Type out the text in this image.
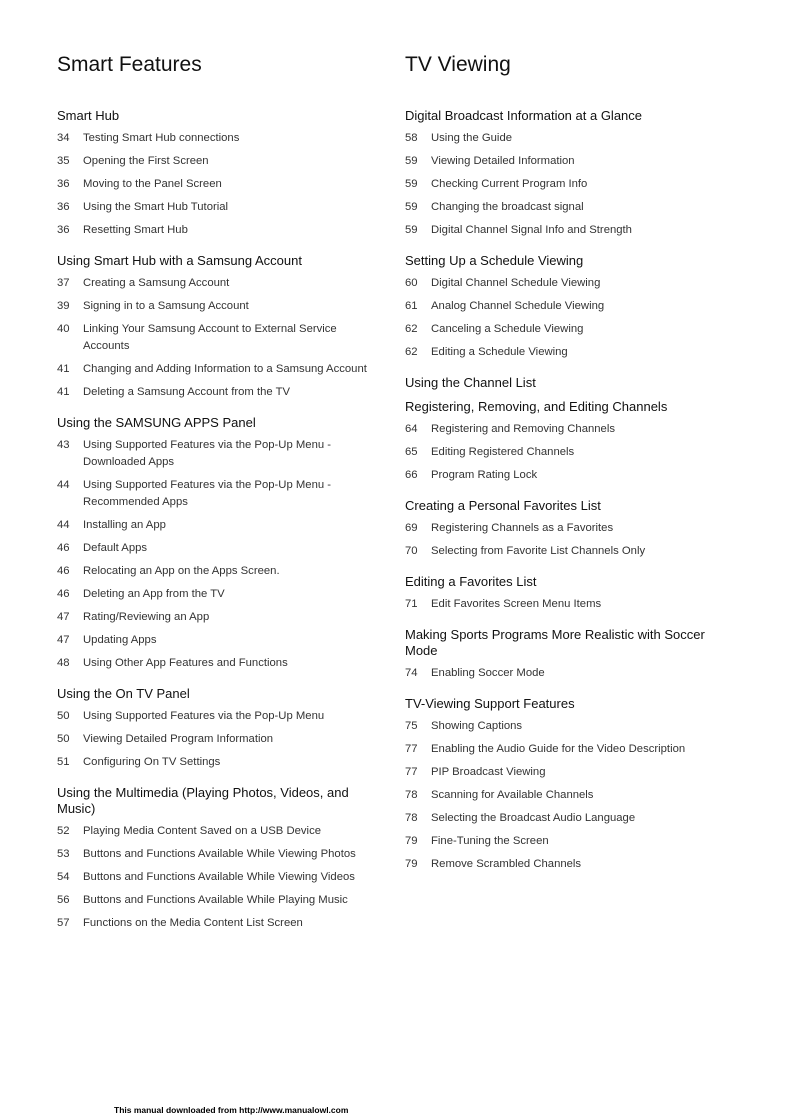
Smart Features
Smart Hub
34	Testing Smart Hub connections
35	Opening the First Screen
36	Moving to the Panel Screen
36	Using the Smart Hub Tutorial
36	Resetting Smart Hub
Using Smart Hub with a Samsung Account
37	Creating a Samsung Account
39	Signing in to a Samsung Account
40	Linking Your Samsung Account to External Service
Accounts
41	Changing and Adding Information to a Samsung Account
41	Deleting a Samsung Account from the TV
Using the SAMSUNG APPS Panel
43	Using Supported Features via the Pop-Up Menu -
Downloaded Apps
44	Using Supported Features via the Pop-Up Menu -
Recommended Apps
44	Installing an App
46	Default Apps
46	Relocating an App on the Apps Screen.
46	Deleting an App from the TV
47	Rating/Reviewing an App
47	Updating Apps
48	Using Other App Features and Functions
Using the On TV Panel
50	Using Supported Features via the Pop-Up Menu
50	Viewing Detailed Program Information
51	Configuring On TV Settings
Using the Multimedia (Playing Photos, Videos, and
Music)
52	Playing Media Content Saved on a USB Device
53	Buttons and Functions Available While Viewing Photos
54	Buttons and Functions Available While Viewing Videos
56	Buttons and Functions Available While Playing Music
57	Functions on the Media Content List Screen
TV Viewing
Digital Broadcast Information at a Glance
58	Using the Guide
59	Viewing Detailed Information
59	Checking Current Program Info
59	Changing the broadcast signal
59	Digital Channel Signal Info and Strength
Setting Up a Schedule Viewing
60	Digital Channel Schedule Viewing
61	Analog Channel Schedule Viewing
62	Canceling a Schedule Viewing
62	Editing a Schedule Viewing
Using the Channel List
Registering, Removing, and Editing Channels
64	Registering and Removing Channels
65	Editing Registered Channels
66	Program Rating Lock
Creating a Personal Favorites List
69	Registering Channels as a Favorites
70	Selecting from Favorite List Channels Only
Editing a Favorites List
71	Edit Favorites Screen Menu Items
Making Sports Programs More Realistic with Soccer
Mode
74	Enabling Soccer Mode
TV-Viewing Support Features
75	Showing Captions
77	Enabling the Audio Guide for the Video Description
77	PIP Broadcast Viewing
78	Scanning for Available Channels
78	Selecting the Broadcast Audio Language
79	Fine-Tuning the Screen
79	Remove Scrambled Channels
This manual downloaded from http://www.manualowl.com
